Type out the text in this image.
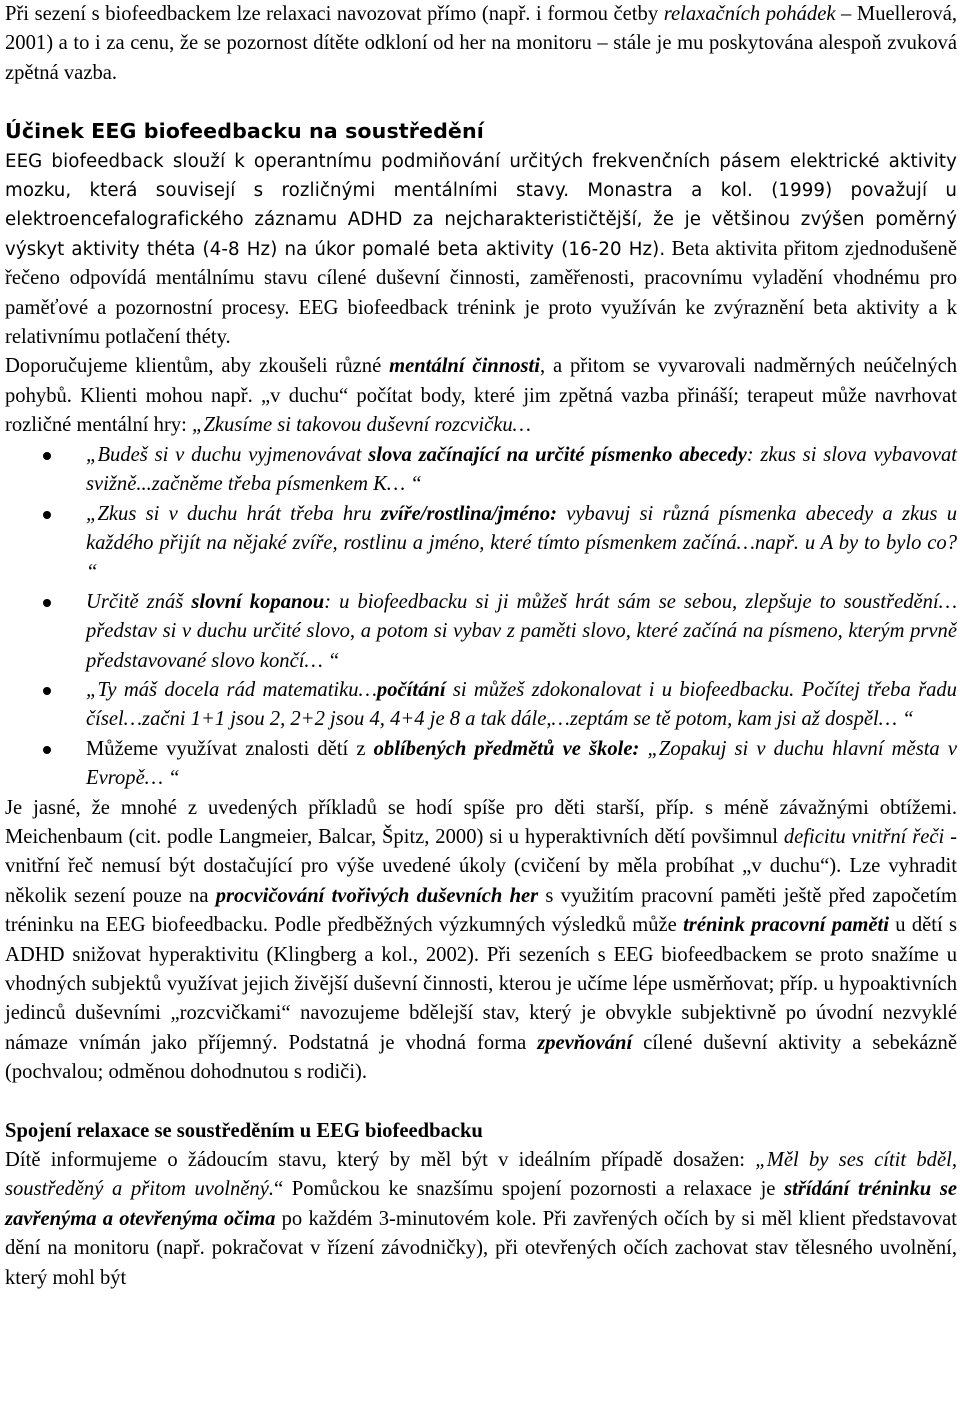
Při sezení s biofeedbackem lze relaxaci navozovat přímo (např. i formou četby relaxačních pohádek – Muellerová, 2001) a to i za cenu, že se pozornost dítěte odkloní od her na monitoru – stále je mu poskytována alespoň zvuková zpětná vazba.

Účinek EEG biofeedbacku na soustředění

EEG biofeedback slouží k operantnímu podmiňování určitých frekvenčních pásem elektrické aktivity mozku, která souvisejí s rozličnými mentálními stavy. Monastra a kol. (1999) považují u elektroencefalografického záznamu ADHD za nejcharakterističtější, že je většinou zvýšen poměrný výskyt aktivity théta (4-8 Hz) na úkor pomalé beta aktivity (16-20 Hz). Beta aktivita přitom zjednodušeně řečeno odpovídá mentálnímu stavu cílené duševní činnosti, zaměřenosti, pracovnímu vyladění vhodnému pro paměťové a pozornostní procesy. EEG biofeedback trénink je proto využíván ke zvýraznění beta aktivity a k relativnímu potlačení théty.

Doporučujeme klientům, aby zkoušeli různé mentální činnosti, a přitom se vyvarovali nadměrných neúčelných pohybů. Klienti mohou např. „v duchu“ počítat body, které jim zpětná vazba přináší; terapeut může navrhovat rozličné mentální hry: „Zkusíme si takovou duševní rozcvičku…

„Budeš si v duchu vyjmenovávat slova začínající na určité písmenko abecedy: zkus si slova vybavovat svižně...začněme třeba písmenkem K… “
„Zkus si v duchu hrát třeba hru zvíře/rostlina/jméno: vybavuj si různá písmenka abecedy a zkus u každého přijít na nějaké zvíře, rostlinu a jméno, které tímto písmenkem začíná…např. u A by to bylo co? “
Určitě znáš slovní kopanou: u biofeedbacku si ji můžeš hrát sám se sebou, zlepšuje to soustředění…představ si v duchu určité slovo, a potom si vybav z paměti slovo, které začíná na písmeno, kterým prvně představované slovo končí… “
„Ty máš docela rád matematiku…počítání si můžeš zdokonalovat i u biofeedbacku. Počítej třeba řadu čísel…začni 1+1 jsou 2, 2+2 jsou 4, 4+4 je 8 a tak dále,…zeptám se tě potom, kam jsi až dospěl… “
Můžeme využívat znalosti dětí z oblíbených předmětů ve škole: „Zopakuj si v duchu hlavní města v Evropě… “

Je jasné, že mnohé z uvedených příkladů se hodí spíše pro děti starší, příp. s méně závažnými obtížemi. Meichenbaum (cit. podle Langmeier, Balcar, Špitz, 2000) si u hyperaktivních dětí povšimnul deficitu vnitřní řeči - vnitřní řeč nemusí být dostačující pro výše uvedené úkoly (cvičení by měla probíhat „v duchu“). Lze vyhradit několik sezení pouze na procvičování tvořivých duševních her s využitím pracovní paměti ještě před započetím tréninku na EEG biofeedbacku. Podle předběžných výzkumných výsledků může trénink pracovní paměti u dětí s ADHD snižovat hyperaktivitu (Klingberg a kol., 2002). Při sezeních s EEG biofeedbackem se proto snažíme u vhodných subjektů využívat jejich živější duševní činnosti, kterou je učíme lépe usměrňovat; příp. u hypoaktivních jedinců duševními „rozcvičkami“ navozujeme bdělejší stav, který je obvykle subjektivně po úvodní nezvyklé námaze vnímán jako příjemný. Podstatná je vhodná forma zpevňování cílené duševní aktivity a sebekázně (pochvalou; odměnou dohodnutou s rodiči).

Spojení relaxace se soustředěním u EEG biofeedbacku

Dítě informujeme o žádoucím stavu, který by měl být v ideálním případě dosažen: „Měl by ses cítit bděl, soustředěný a přitom uvolněný.“ Pomůckou ke snazšímu spojení pozornosti a relaxace je střídání tréninku se zavřenýma a otevřenýma očima po každém 3-minutovém kole. Při zavřených očích by si měl klient představovat dění na monitoru (např. pokračovat v řízení závodničky), při otevřených očích zachovat stav tělesného uvolnění, který mohl být
